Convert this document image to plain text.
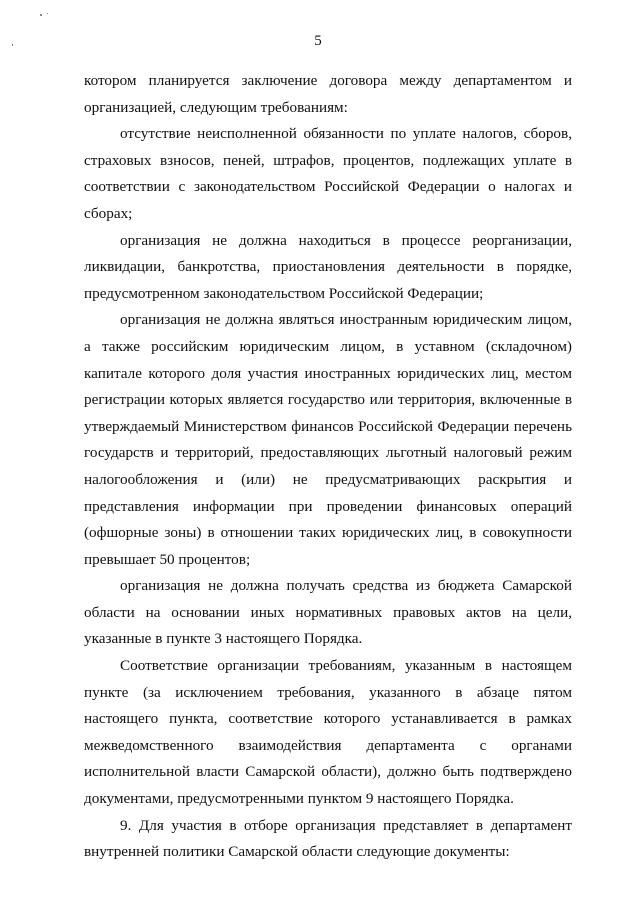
5

котором планируется заключение договора между департаментом и организацией, следующим требованиям:

отсутствие неисполненной обязанности по уплате налогов, сборов, страховых взносов, пеней, штрафов, процентов, подлежащих уплате в соответствии с законодательством Российской Федерации о налогах и сборах;

организация не должна находиться в процессе реорганизации, ликвидации, банкротства, приостановления деятельности в порядке, предусмотренном законодательством Российской Федерации;

организация не должна являться иностранным юридическим лицом, а также российским юридическим лицом, в уставном (складочном) капитале которого доля участия иностранных юридических лиц, местом регистрации которых является государство или территория, включенные в утверждаемый Министерством финансов Российской Федерации перечень государств и территорий, предоставляющих льготный налоговый режим налогообложения и (или) не предусматривающих раскрытия и представления информации при проведении финансовых операций (офшорные зоны) в отношении таких юридических лиц, в совокупности превышает 50 процентов;

организация не должна получать средства из бюджета Самарской области на основании иных нормативных правовых актов на цели, указанные в пункте 3 настоящего Порядка.

Соответствие организации требованиям, указанным в настоящем пункте (за исключением требования, указанного в абзаце пятом настоящего пункта, соответствие которого устанавливается в рамках межведомственного взаимодействия департамента с органами исполнительной власти Самарской области), должно быть подтверждено документами, предусмотренными пунктом 9 настоящего Порядка.

9. Для участия в отборе организация представляет в департамент внутренней политики Самарской области следующие документы:
